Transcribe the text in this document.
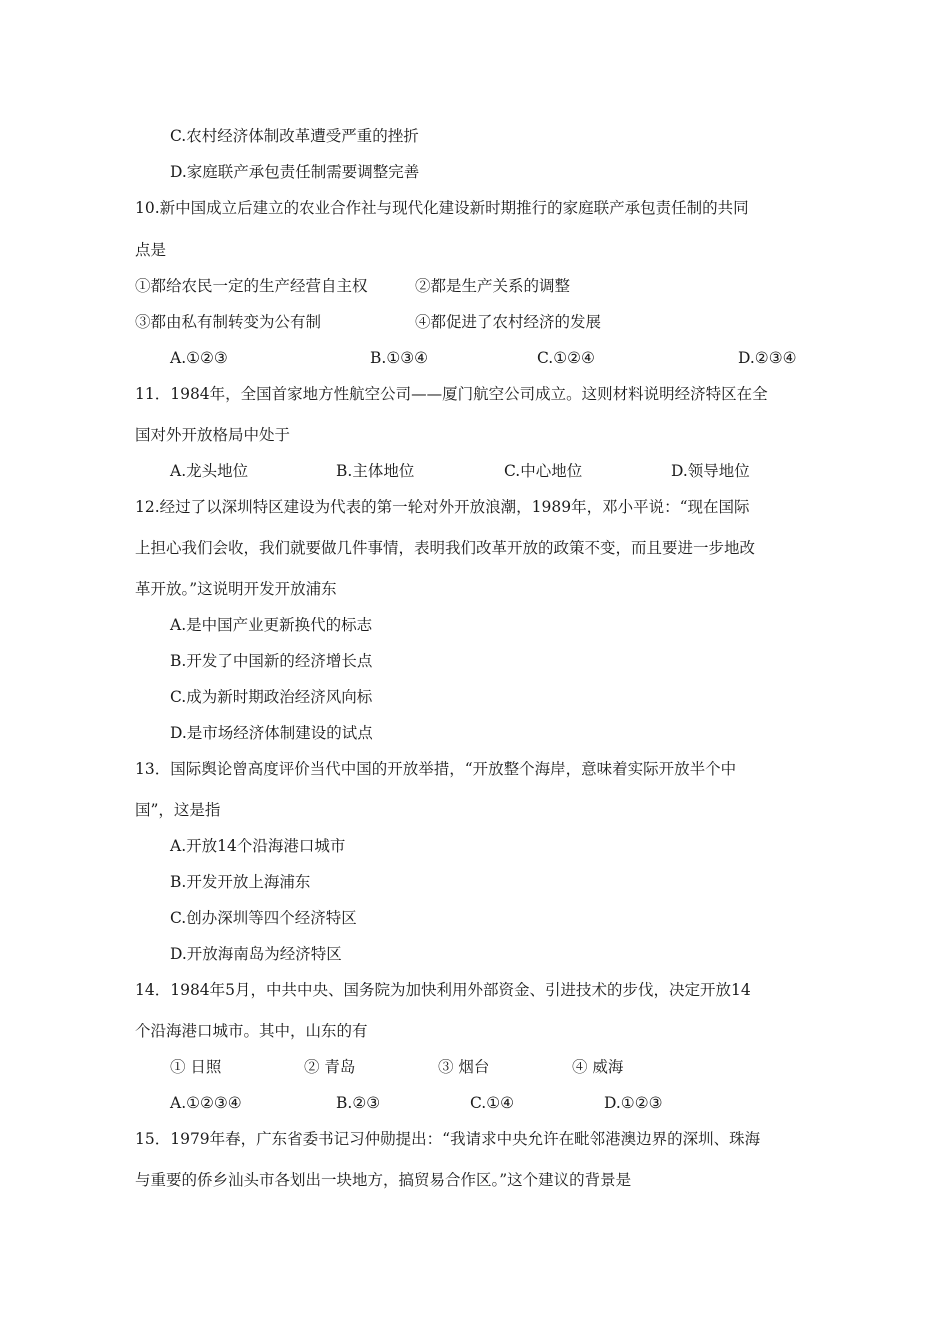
C.农村经济体制改革遭受严重的挫折
D.家庭联产承包责任制需要调整完善
10.新中国成立后建立的农业合作社与现代化建设新时期推行的家庭联产承包责任制的共同
点是
①都给农民一定的生产经营自主权	②都是生产关系的调整
③都由私有制转变为公有制	④都促进了农村经济的发展
A.①②③	B.①③④	C.①②④	D.②③④
11．1984年，全国首家地方性航空公司——厦门航空公司成立。这则材料说明经济特区在全
国对外开放格局中处于
A.龙头地位	B.主体地位	C.中心地位	D.领导地位
12.经过了以深圳特区建设为代表的第一轮对外开放浪潮，1989年，邓小平说：“现在国际
上担心我们会收，我们就要做几件事情，表明我们改革开放的政策不变，而且要进一步地改
革开放。”这说明开发开放浦东
A.是中国产业更新换代的标志
B.开发了中国新的经济增长点
C.成为新时期政治经济风向标
D.是市场经济体制建设的试点
13．国际舆论曾高度评价当代中国的开放举措，“开放整个海岸，意味着实际开放半个中
国”，这是指
A.开放14个沿海港口城市
B.开发开放上海浦东
C.创办深圳等四个经济特区
D.开放海南岛为经济特区
14．1984年5月，中共中央、国务院为加快利用外部资金、引进技术的步伐，决定开放14
个沿海港口城市。其中，山东的有
① 日照	② 青岛	③ 烟台	④ 威海
A.①②③④	B.②③	C.①④	D.①②③
15．1979年春，广东省委书记习仲勋提出：“我请求中央允许在毗邻港澳边界的深圳、珠海
与重要的侨乡汕头市各划出一块地方，搞贸易合作区。”这个建议的背景是
